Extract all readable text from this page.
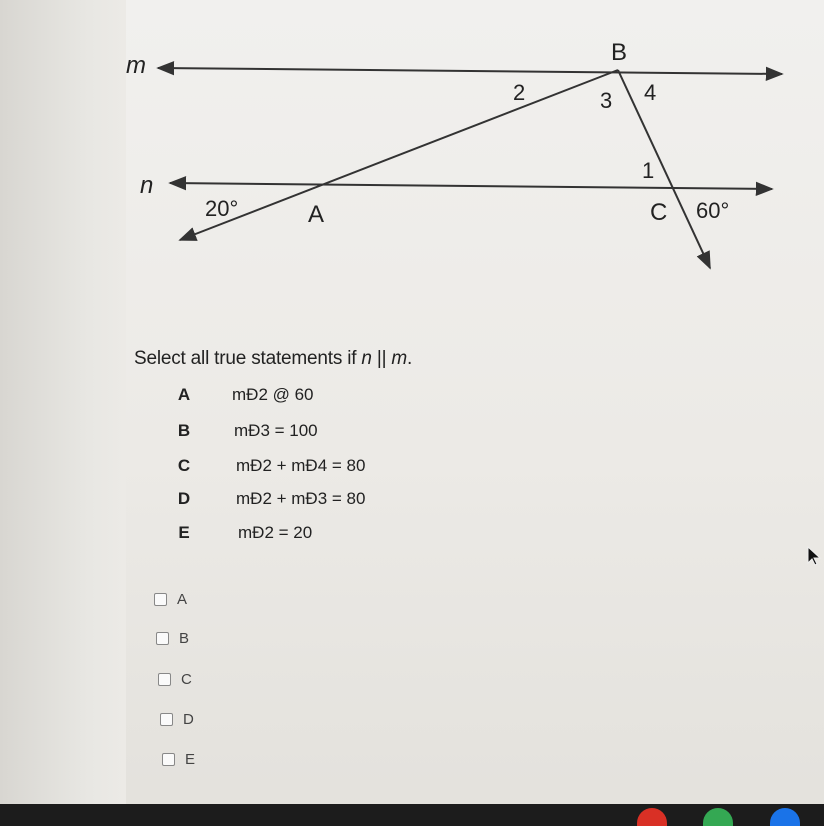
m
n
B
2	3 4
1
20°	A	C 60°
Select all true statements if n || m.
A	mÐ2 @ 60
B	mÐ3 = 100
C	mÐ2 + mÐ4 = 80
D	mÐ2 + mÐ3 = 80
E	mÐ2 = 20
A
B
C
D
E
